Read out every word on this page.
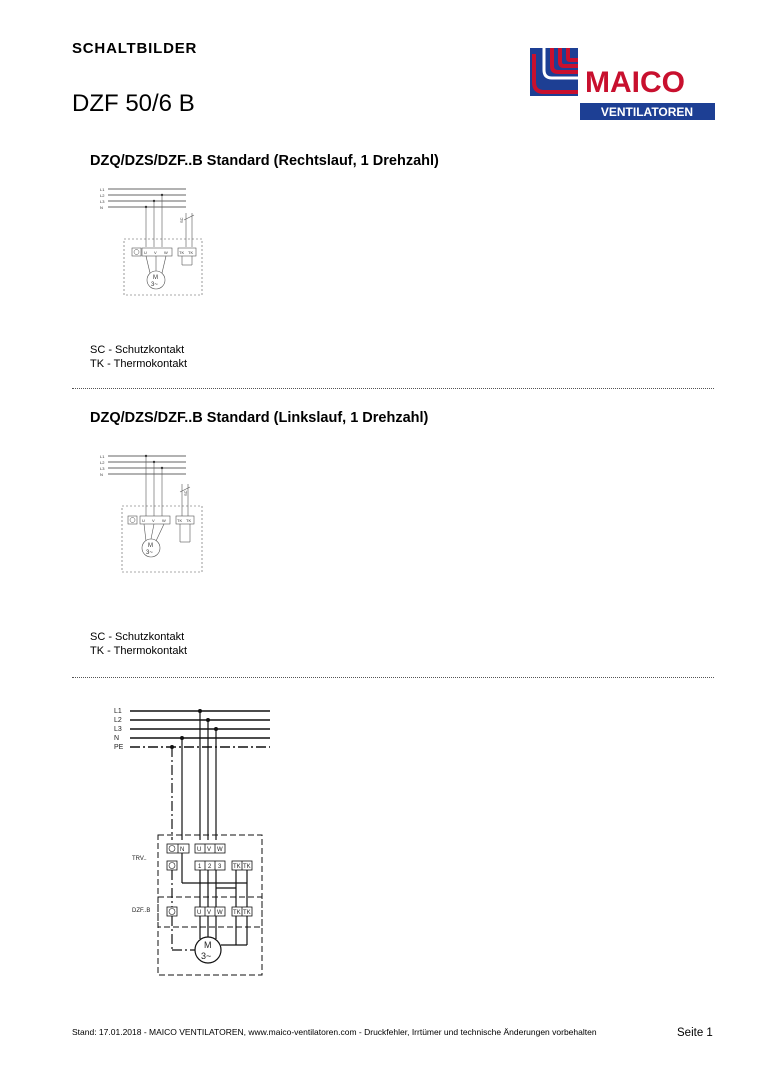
SCHALTBILDER
DZF 50/6 B
MAICO
VENTILATOREN
DZQ/DZS/DZF..B Standard (Rechtslauf, 1 Drehzahl)
L1
L2
L3
N
SC
U V W	TK TK
M
3~
SC - Schutzkontakt
TK - Thermokontakt
DZQ/DZS/DZF..B Standard (Linkslauf, 1 Drehzahl)
L1
L2
L3
N
SC
U V W	TK TK
M
3~
SC - Schutzkontakt
TK - Thermokontakt
L1
L2
L3
N
PE
TRV..
DZF..B
N U V W
1 2 3 TK TK
U V W TK TK
M
3~
Stand: 17.01.2018 - MAICO VENTILATOREN, www.maico-ventilatoren.com - Druckfehler, Irrtümer und technische Änderungen vorbehalten	Seite 1
